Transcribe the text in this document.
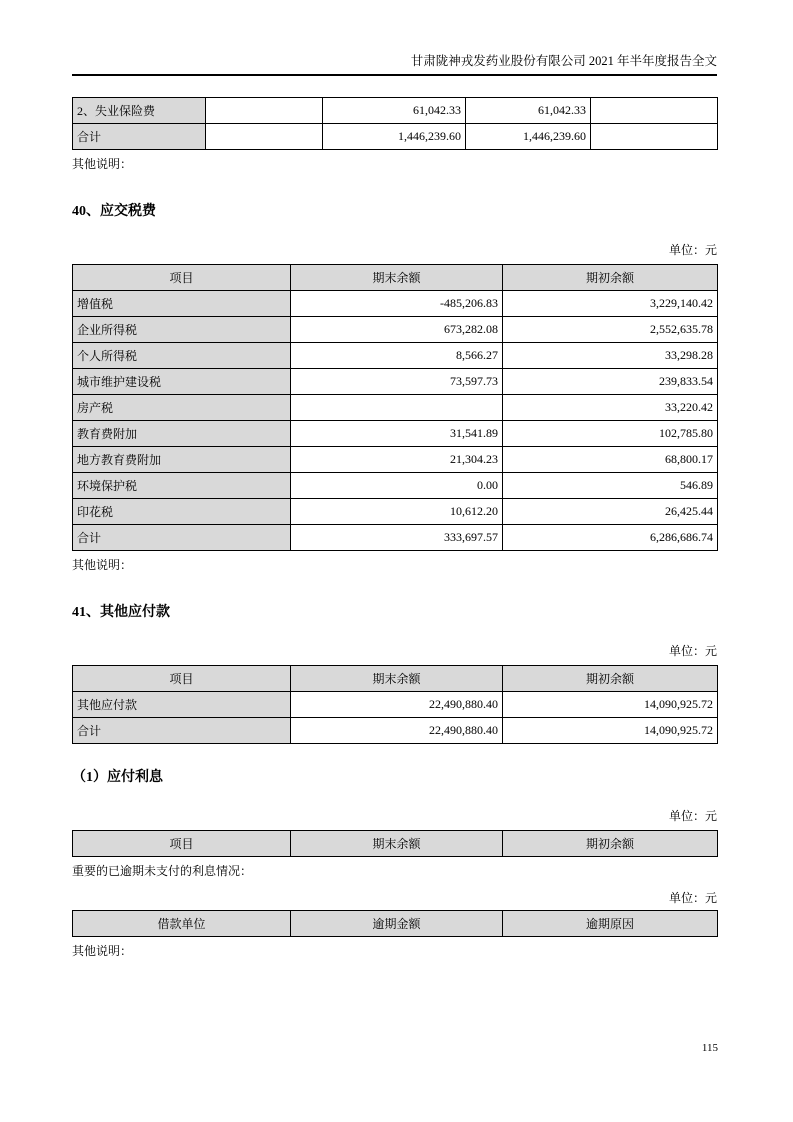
甘肃陇神戎发药业股份有限公司 2021 年半年度报告全文
2、失业保险费		61,042.33	61,042.33	
合计		1,446,239.60	1,446,239.60	
其他说明：
40、应交税费
单位：元
项目	期末余额	期初余额
增值税	-485,206.83	3,229,140.42
企业所得税	673,282.08	2,552,635.78
个人所得税	8,566.27	33,298.28
城市维护建设税	73,597.73	239,833.54
房产税		33,220.42
教育费附加	31,541.89	102,785.80
地方教育费附加	21,304.23	68,800.17
环境保护税	0.00	546.89
印花税	10,612.20	26,425.44
合计	333,697.57	6,286,686.74
其他说明：
41、其他应付款
单位：元
项目	期末余额	期初余额
其他应付款	22,490,880.40	14,090,925.72
合计	22,490,880.40	14,090,925.72
（1）应付利息
单位：元
项目	期末余额	期初余额
重要的已逾期未支付的利息情况：
单位：元
借款单位	逾期金额	逾期原因
其他说明：
115
